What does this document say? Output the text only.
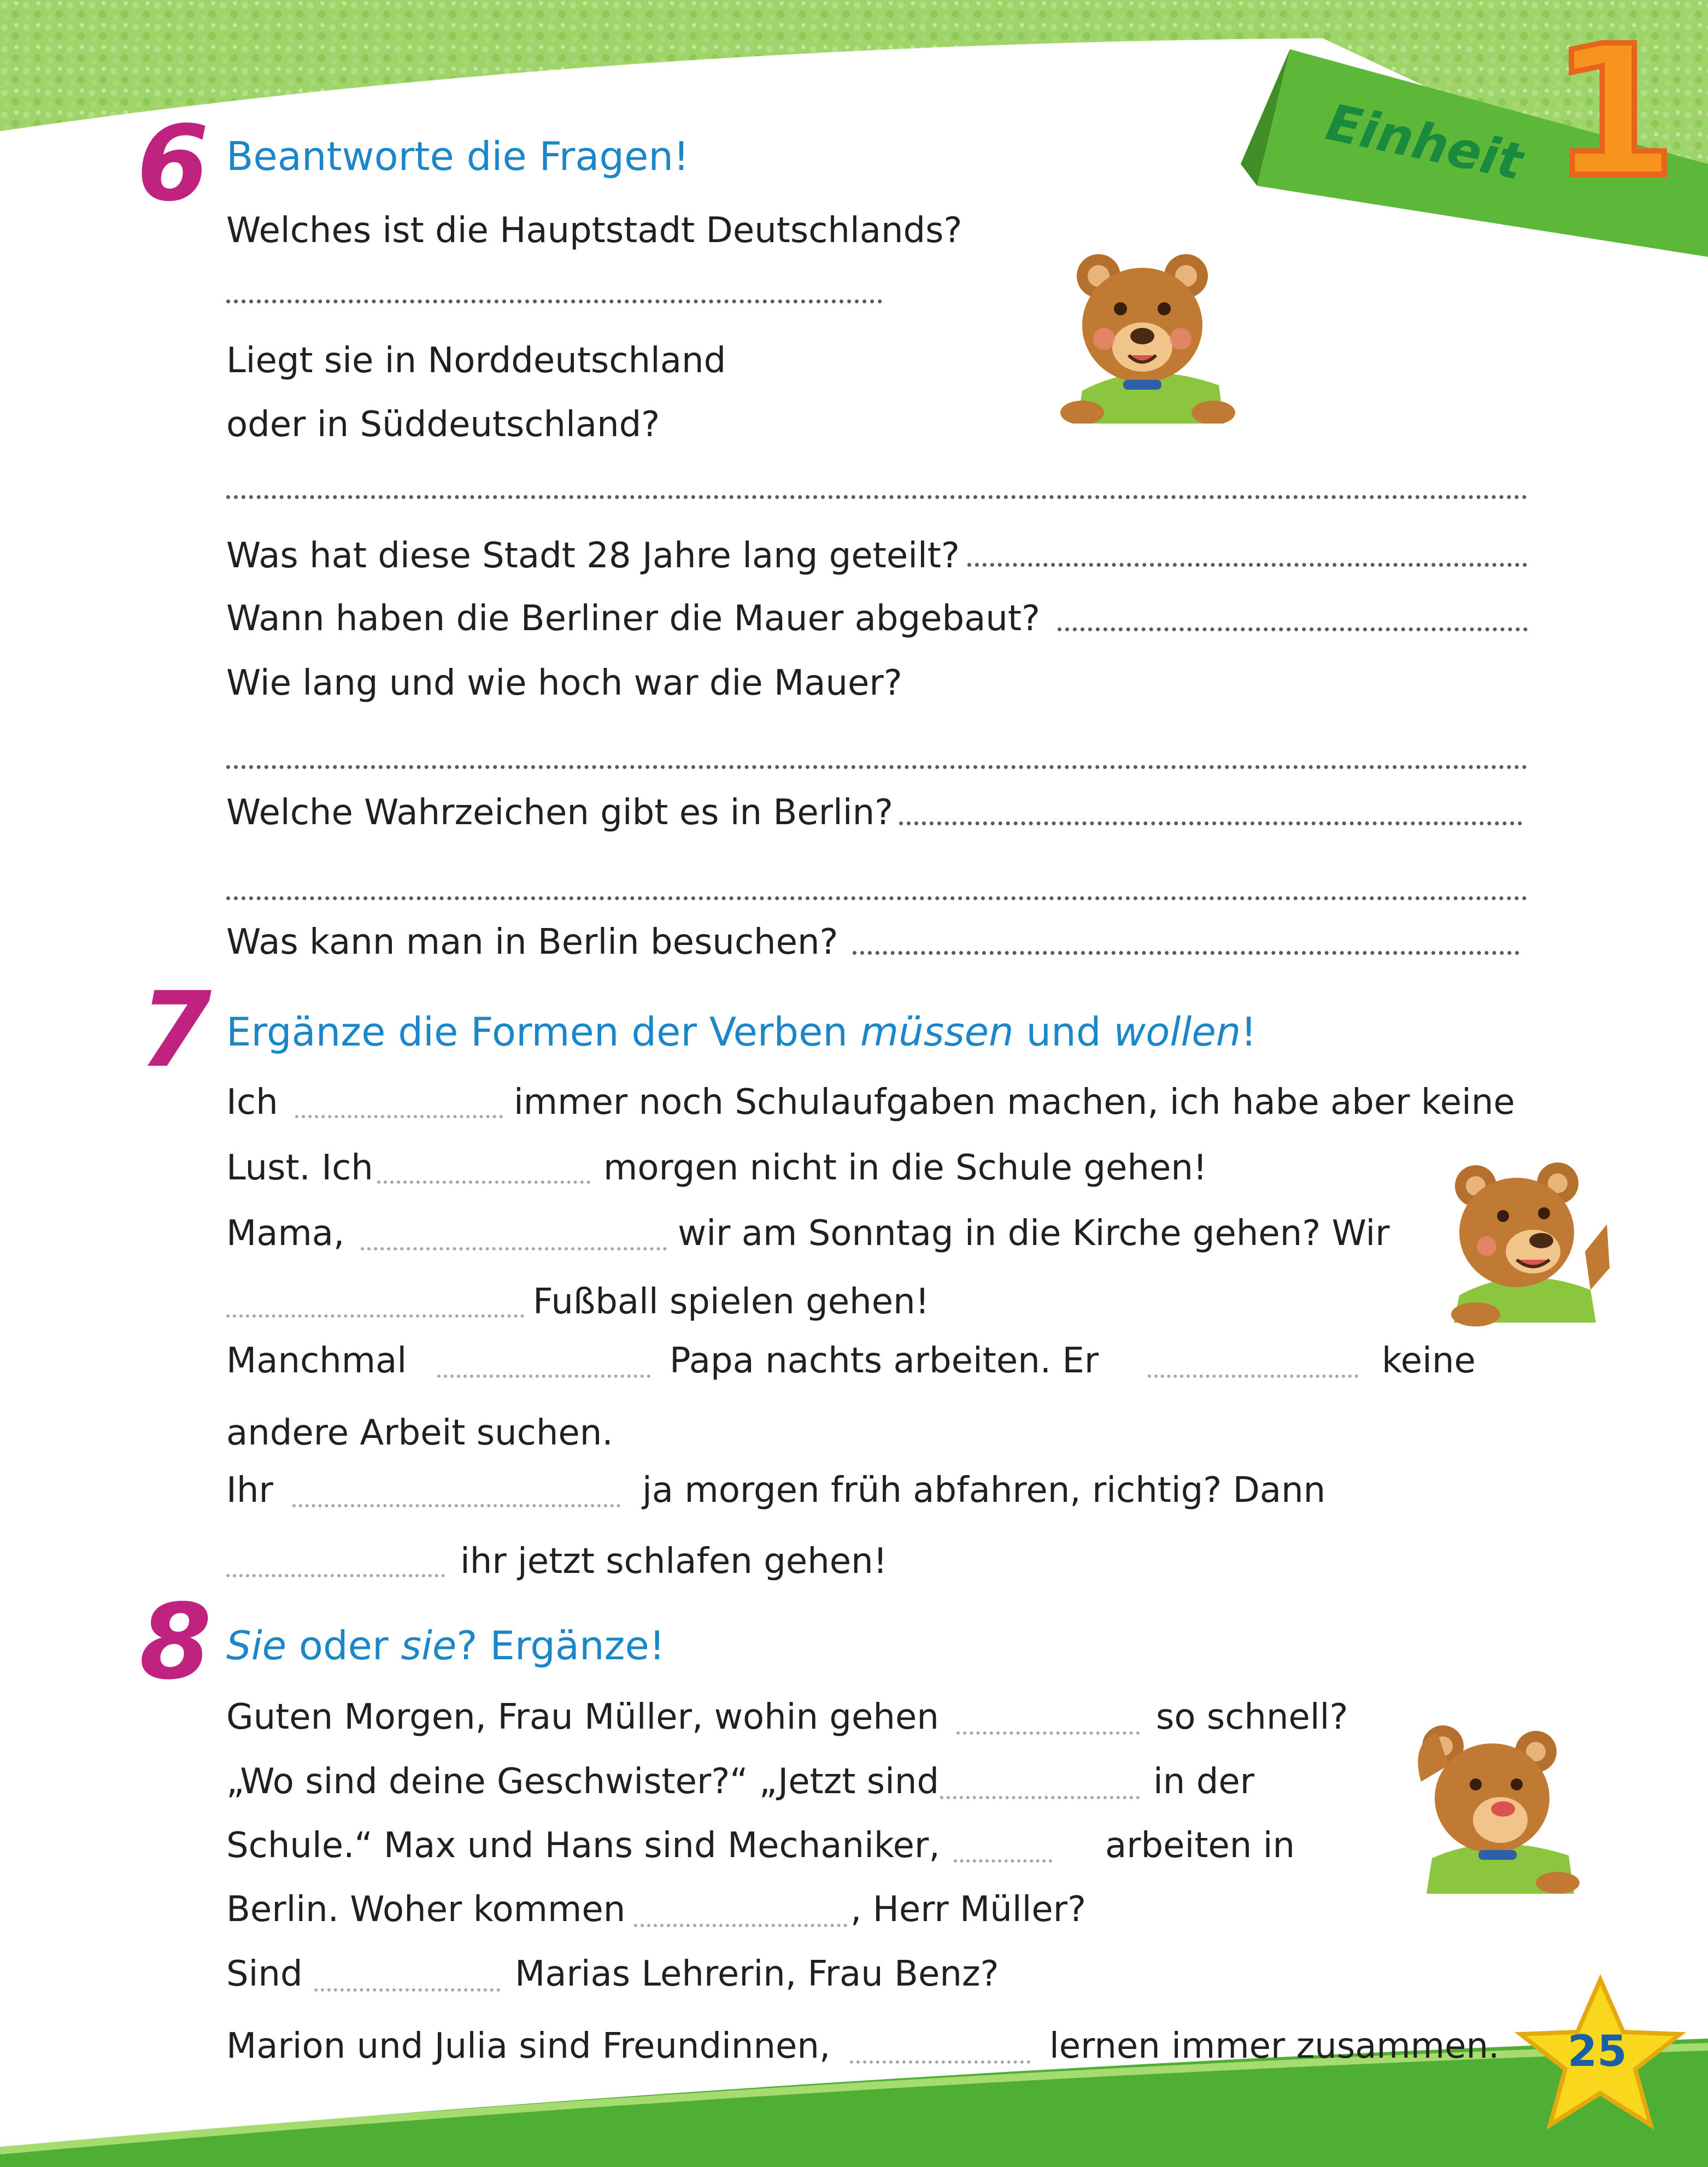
Einheit 1
25
6 Beantworte die Fragen!
Welches ist die Hauptstadt Deutschlands?
Liegt sie in Norddeutschland
oder in Süddeutschland?
Was hat diese Stadt 28 Jahre lang geteilt?
Wann haben die Berliner die Mauer abgebaut?
Wie lang und wie hoch war die Mauer?
Welche Wahrzeichen gibt es in Berlin?
Was kann man in Berlin besuchen?
7 Ergänze die Formen der Verben müssen und wollen!
Ich	immer noch Schulaufgaben machen, ich habe aber keine
Lust. Ich	morgen nicht in die Schule gehen!
Mama,	wir am Sonntag in die Kirche gehen? Wir
Fußball spielen gehen!
Manchmal	Papa nachts arbeiten. Er	keine
andere Arbeit suchen.
Ihr	ja morgen früh abfahren, richtig? Dann
ihr jetzt schlafen gehen!
8 Sie oder sie? Ergänze!
Guten Morgen, Frau Müller, wohin gehen	so schnell?
„Wo sind deine Geschwister?“ „Jetzt sind	in der
Schule.“ Max und Hans sind Mechaniker,	arbeiten in
Berlin. Woher kommen	, Herr Müller?
Sind	Marias Lehrerin, Frau Benz?
Marion und Julia sind Freundinnen,	lernen immer zusammen.
